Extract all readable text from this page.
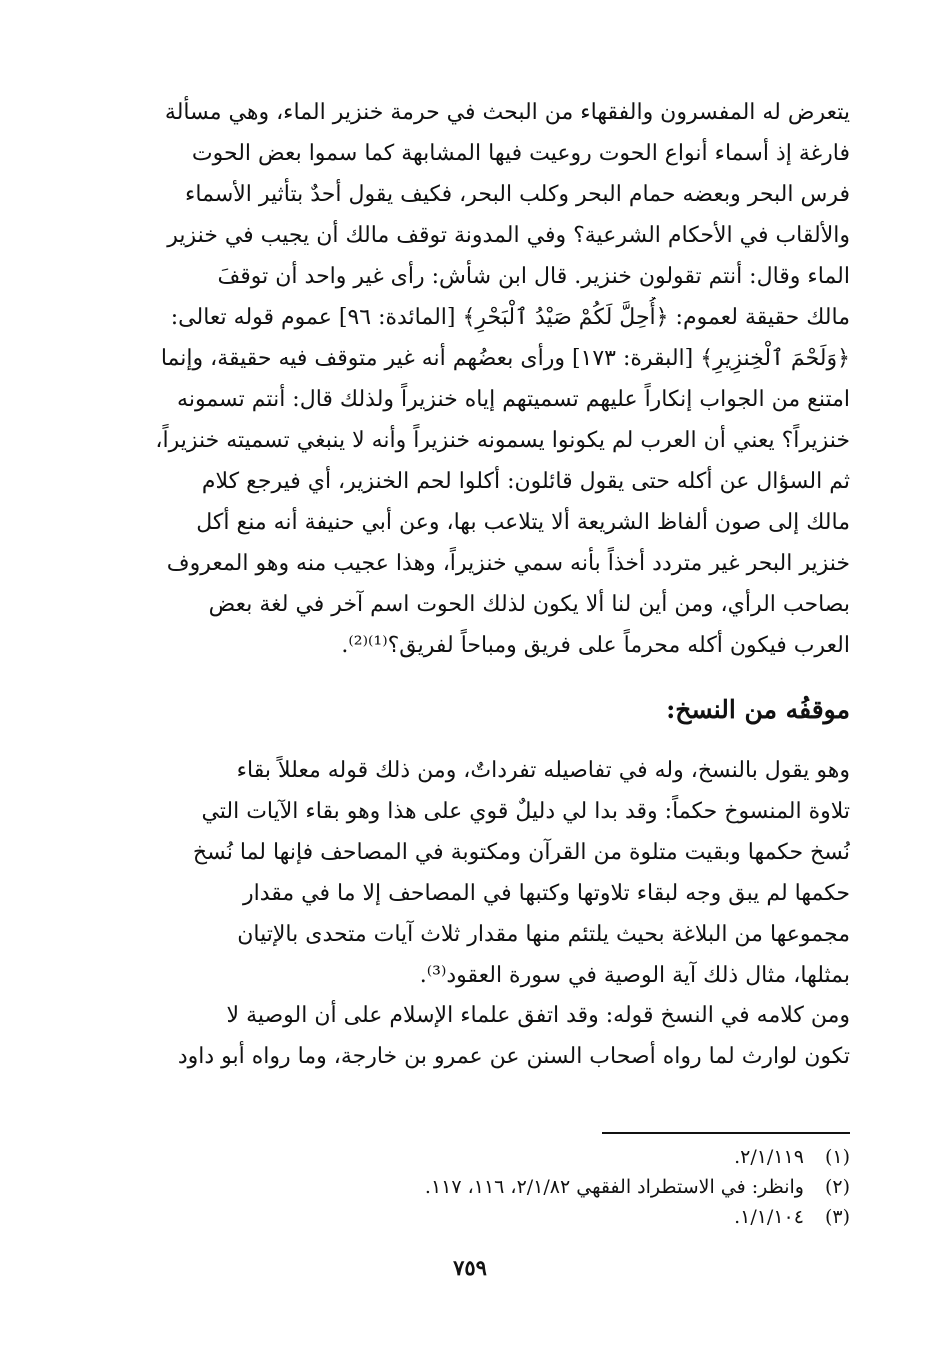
يتعرض له المفسرون والفقهاء من البحث في حرمة خنزير الماء، وهي مسألة
فارغة إذ أسماء أنواع الحوت روعيت فيها المشابهة كما سموا بعض الحوت
فرس البحر وبعضه حمام البحر وكلب البحر، فكيف يقول أحدٌ بتأثير الأسماء
والألقاب في الأحكام الشرعية؟ وفي المدونة توقف مالك أن يجيب في خنزير
الماء وقال: أنتم تقولون خنزير. قال ابن شأش: رأى غير واحد أن توقفَ
مالك حقيقة لعموم: ﴿أُحِلَّ لَكُمْ صَيْدُ ٱلْبَحْرِ﴾ [المائدة: ٩٦] عموم قوله تعالى:
﴿وَلَحْمَ ٱلْخِنزِيرِ﴾ [البقرة: ١٧٣] ورأى بعضُهم أنه غير متوقف فيه حقيقة، وإنما
امتنع من الجواب إنكاراً عليهم تسميتهم إياه خنزيراً ولذلك قال: أنتم تسمونه
خنزيراً؟ يعني أن العرب لم يكونوا يسمونه خنزيراً وأنه لا ينبغي تسميته خنزيراً،
ثم السؤال عن أكله حتى يقول قائلون: أكلوا لحم الخنزير، أي فيرجع كلام
مالك إلى صون ألفاظ الشريعة ألا يتلاعب بها، وعن أبي حنيفة أنه منع أكل
خنزير البحر غير متردد أخذاً بأنه سمي خنزيراً، وهذا عجيب منه وهو المعروف
بصاحب الرأي، ومن أين لنا ألا يكون لذلك الحوت اسم آخر في لغة بعض
العرب فيكون أكله محرماً على فريق ومباحاً لفريق؟⁽¹⁾⁽²⁾.
موقفُه من النسخ:
وهو يقول بالنسخ، وله في تفاصيله تفرداتٌ، ومن ذلك قوله معللاً بقاء
تلاوة المنسوخ حكماً: وقد بدا لي دليلٌ قوي على هذا وهو بقاء الآيات التي
نُسخ حكمها وبقيت متلوة من القرآن ومكتوبة في المصاحف فإنها لما نُسخ
حكمها لم يبق وجه لبقاء تلاوتها وكتبها في المصاحف إلا ما في مقدار
مجموعها من البلاغة بحيث يلتئم منها مقدار ثلاث آيات متحدى بالإتيان
بمثلها، مثال ذلك آية الوصية في سورة العقود⁽³⁾.
ومن كلامه في النسخ قوله: وقد اتفق علماء الإسلام على أن الوصية لا
تكون لوارث لما رواه أصحاب السنن عن عمرو بن خارجة، وما رواه أبو داود
(١) ٢/١/١١٩.
(٢) وانظر: في الاستطراد الفقهي ٢/١/٨٢، ١١٦، ١١٧.
(٣) ١/١/١٠٤.
٧٥٩
